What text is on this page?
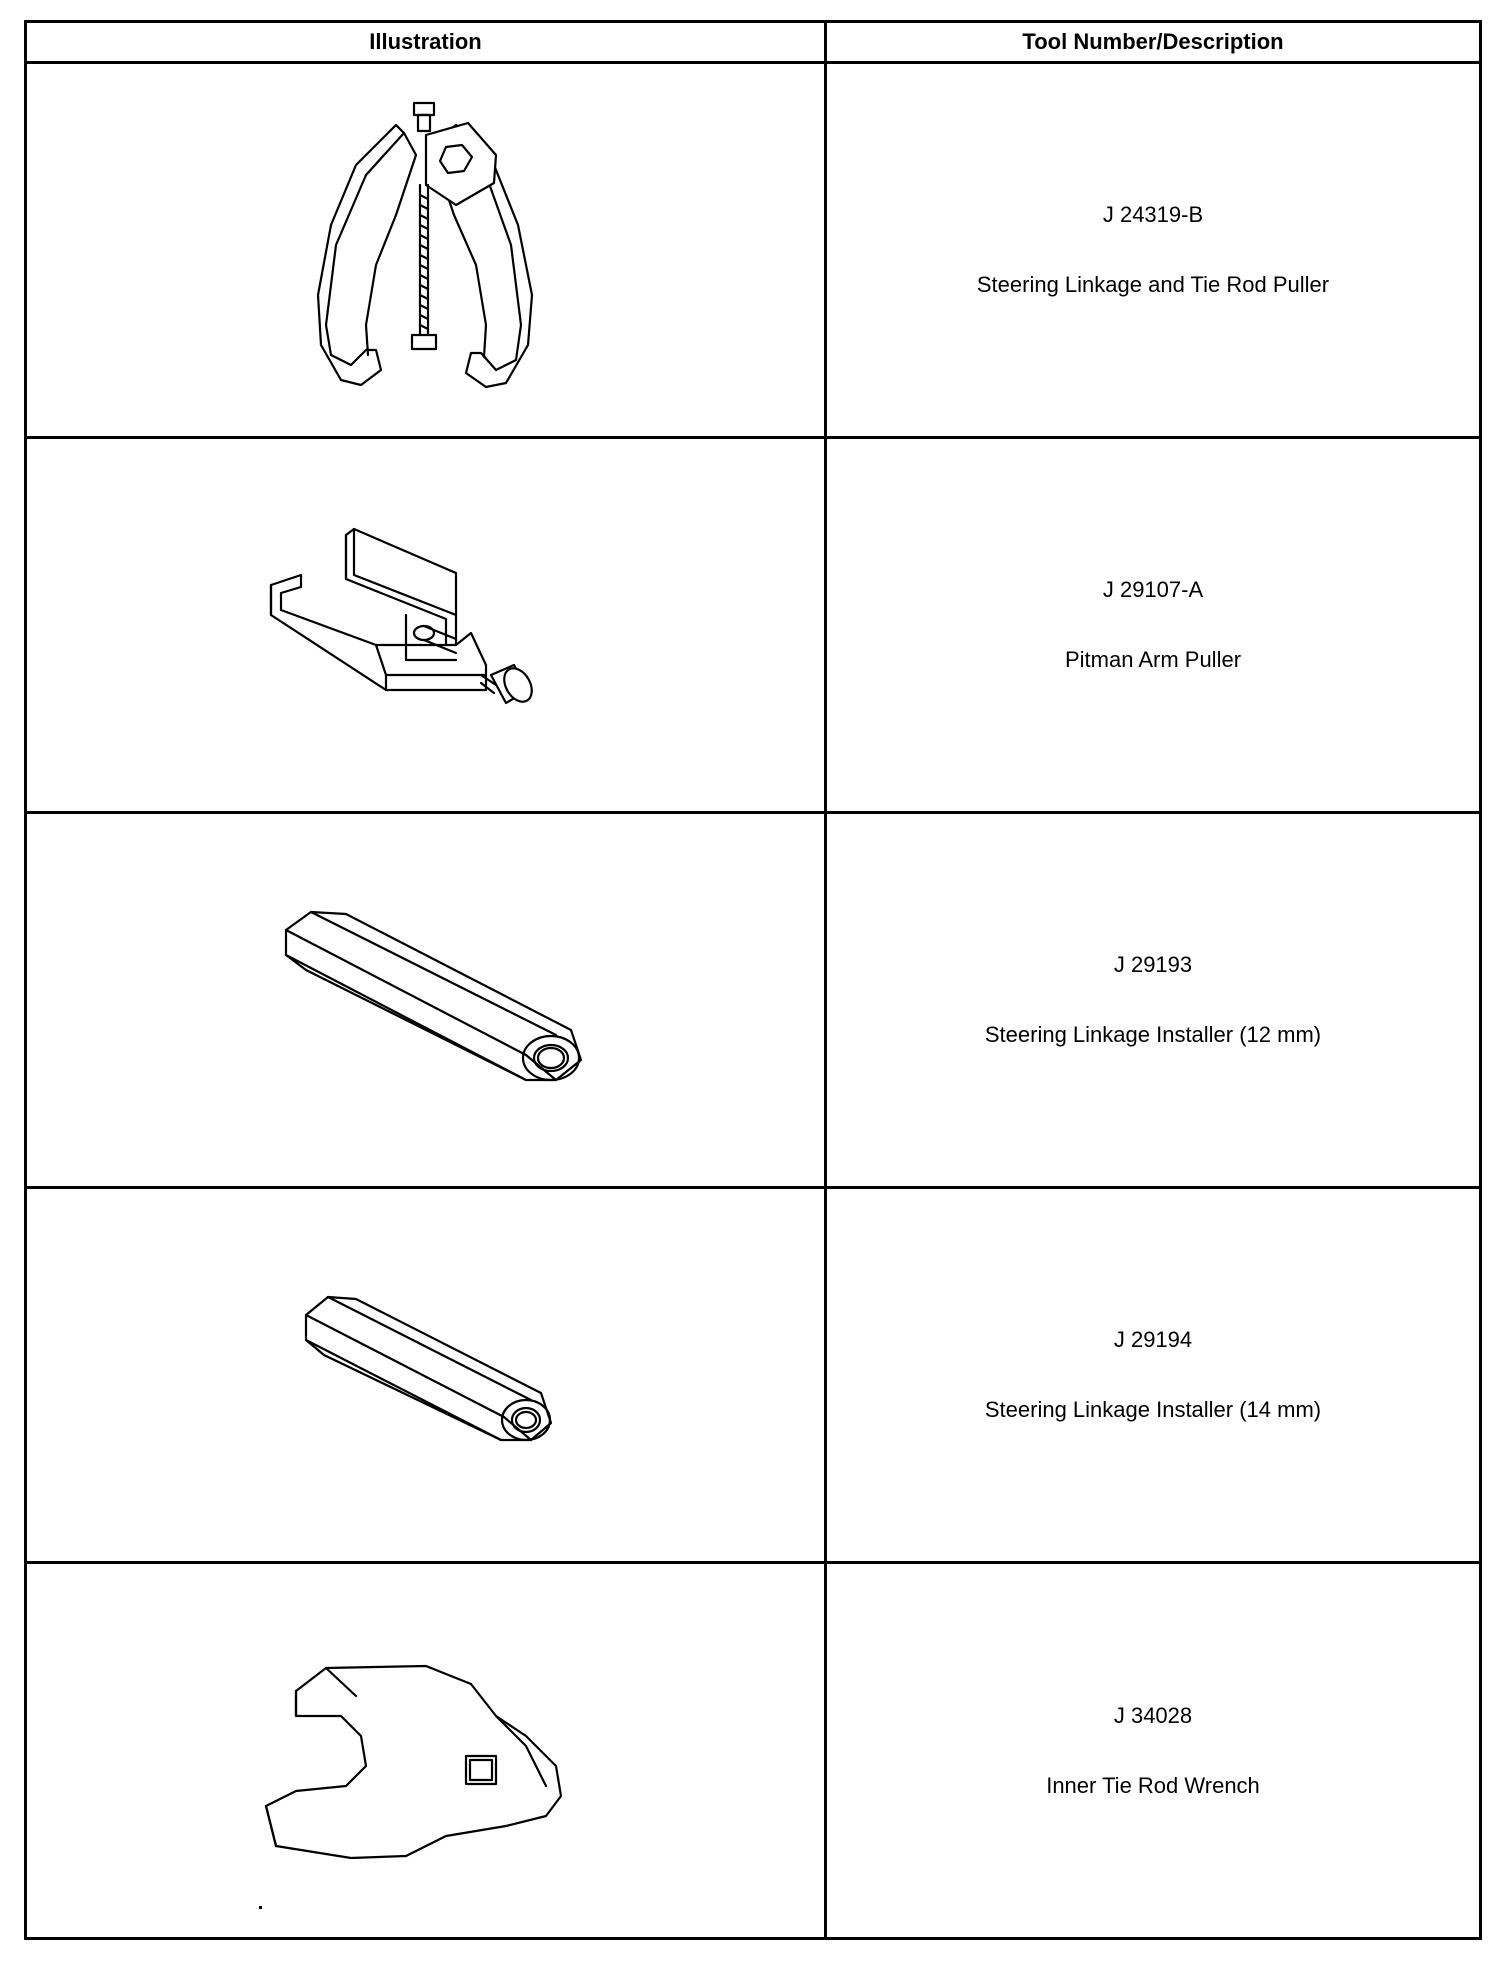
Illustration	Tool Number/Description
J 24319-B
Steering Linkage and Tie Rod Puller
J 29107-A
Pitman Arm Puller
J 29193
Steering Linkage Installer (12 mm)
J 29194
Steering Linkage Installer (14 mm)
J 34028
Inner Tie Rod Wrench
